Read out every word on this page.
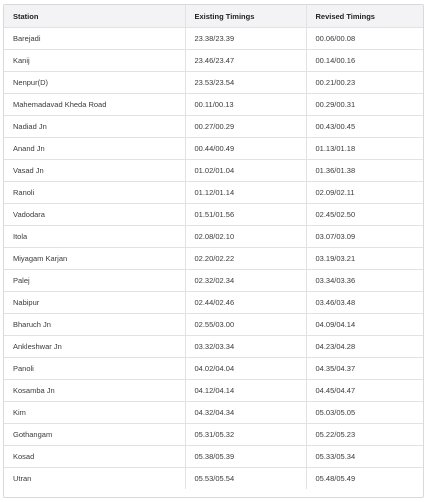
Station	Existing Timings	Revised Timings
Barejadi	23.38/23.39	00.06/00.08
Kanij	23.46/23.47	00.14/00.16
Nenpur(D)	23.53/23.54	00.21/00.23
Mahemadavad Kheda Road	00.11/00.13	00.29/00.31
Nadiad Jn	00.27/00.29	00.43/00.45
Anand Jn	00.44/00.49	01.13/01.18
Vasad Jn	01.02/01.04	01.36/01.38
Ranoli	01.12/01.14	02.09/02.11
Vadodara	01.51/01.56	02.45/02.50
Itola	02.08/02.10	03.07/03.09
Miyagam Karjan	02.20/02.22	03.19/03.21
Palej	02.32/02.34	03.34/03.36
Nabipur	02.44/02.46	03.46/03.48
Bharuch Jn	02.55/03.00	04.09/04.14
Ankleshwar Jn	03.32/03.34	04.23/04.28
Panoli	04.02/04.04	04.35/04.37
Kosamba Jn	04.12/04.14	04.45/04.47
Kim	04.32/04.34	05.03/05.05
Gothangam	05.31/05.32	05.22/05.23
Kosad	05.38/05.39	05.33/05.34
Utran	05.53/05.54	05.48/05.49
